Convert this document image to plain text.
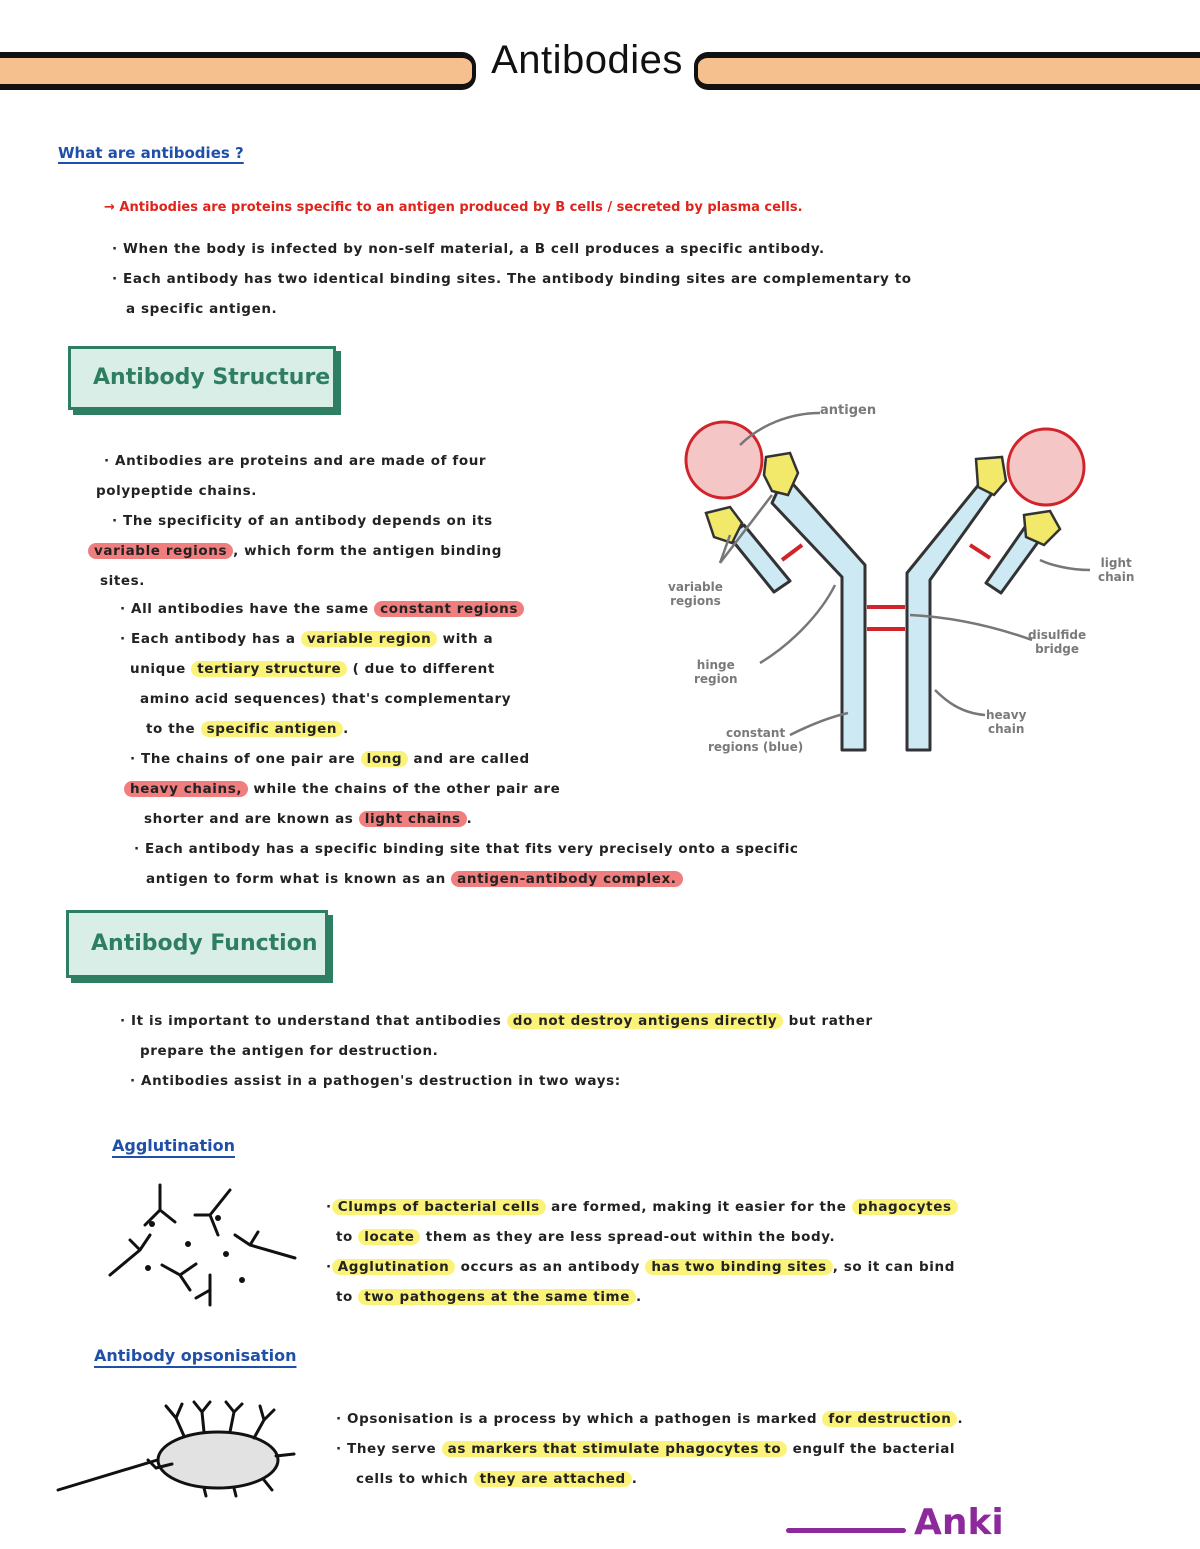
Antibodies
What are antibodies ?
→ Antibodies are proteins specific to an antigen produced by B cells / secreted by plasma cells.
· When the body is infected by non-self material, a B cell produces a specific antibody.
· Each antibody has two identical binding sites. The antibody binding sites are complementary to
a specific antigen.
Antibody Structure
· Antibodies are proteins and are made of four
polypeptide chains.
· The specificity of an antibody depends on its
variable regions , which form the antigen binding
sites.
· All antibodies have the same constant regions
· Each antibody has a variable region with a
unique tertiary structure ( due to different
amino acid sequences) that's complementary
to the specific antigen .
· The chains of one pair are long and are called
heavy chains, while the chains of the other pair are
shorter and are known as light chains .
· Each antibody has a specific binding site that fits very precisely onto a specific
antigen to form what is known as an antigen-antibody complex.
antigen
variable
regions
light
chain
disulfide
bridge
hinge
region
heavy
chain
constant
regions (blue)
Antibody Function
· It is important to understand that antibodies do not destroy antigens directly but rather
prepare the antigen for destruction.
· Antibodies assist in a pathogen's destruction in two ways:
Agglutination
· Clumps of bacterial cells are formed, making it easier for the phagocytes
to locate them as they are less spread-out within the body.
· Agglutination occurs as an antibody has two binding sites , so it can bind
to two pathogens at the same time .
Antibody opsonisation
· Opsonisation is a process by which a pathogen is marked for destruction .
· They serve as markers that stimulate phagocytes to engulf the bacterial
cells to which they are attached .
Anki
